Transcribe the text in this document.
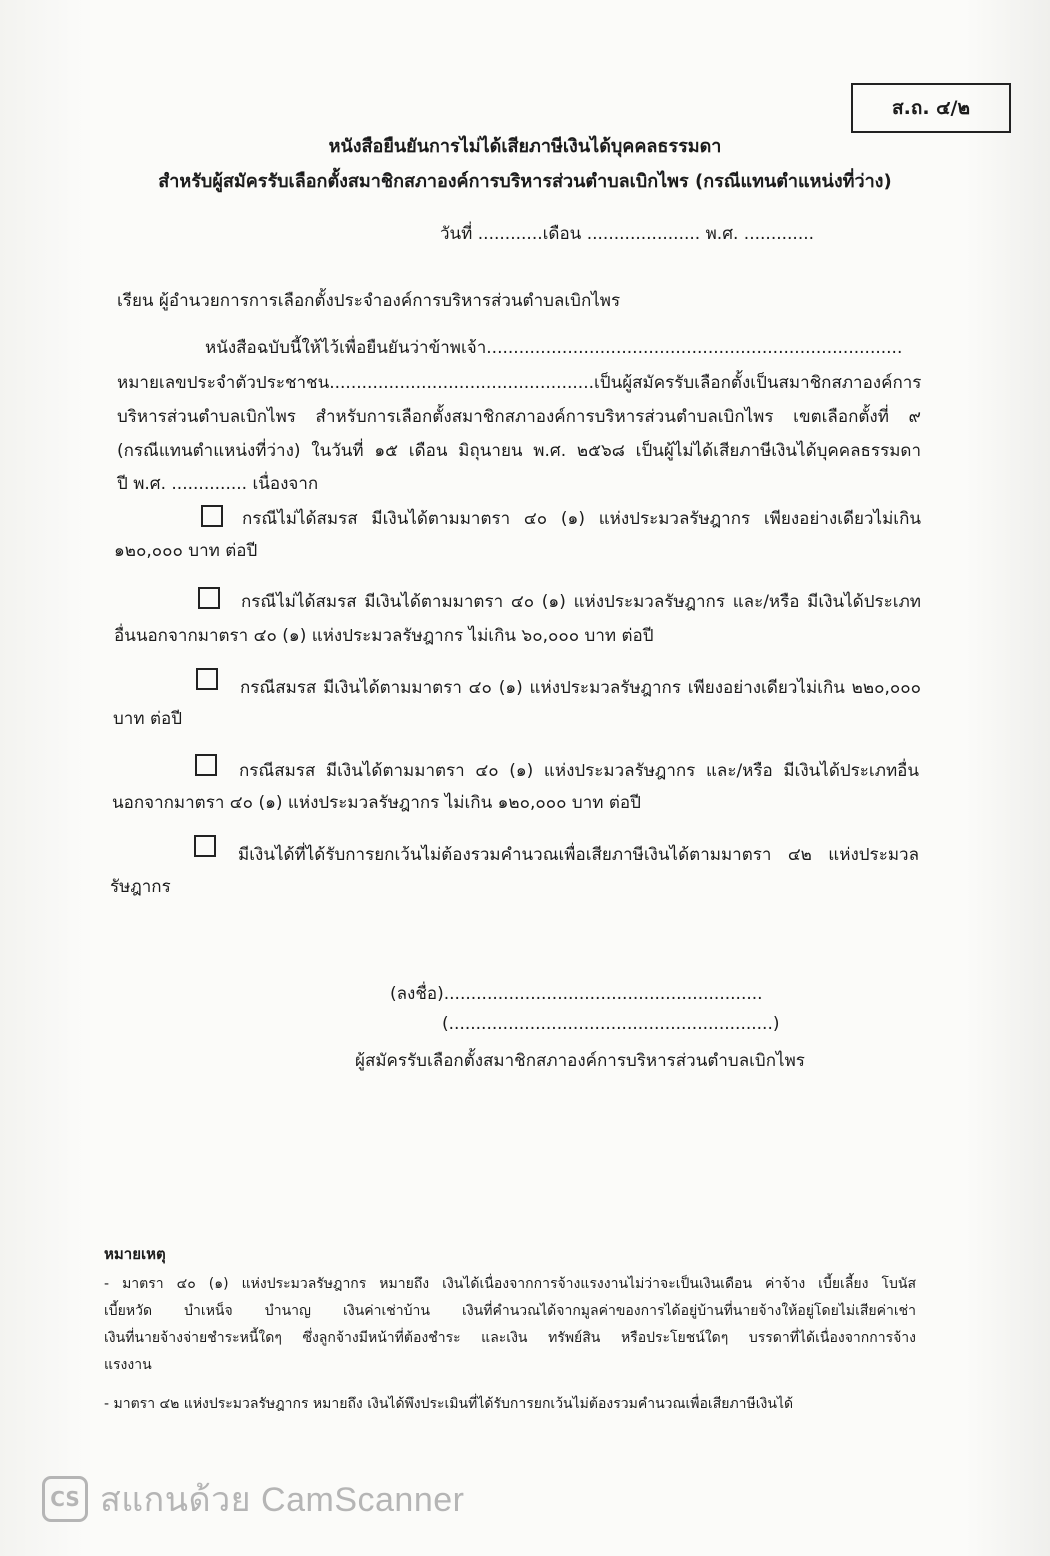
ส.ถ. ๔/๒
หนังสือยืนยันการไม่ได้เสียภาษีเงินได้บุคคลธรรมดา
สำหรับผู้สมัครรับเลือกตั้งสมาชิกสภาองค์การบริหารส่วนตำบลเบิกไพร (กรณีแทนตำแหน่งที่ว่าง)
วันที่ ............เดือน ..................... พ.ศ. .............
เรียน ผู้อำนวยการการเลือกตั้งประจำองค์การบริหารส่วนตำบลเบิกไพร
หนังสือฉบับนี้ให้ไว้เพื่อยืนยันว่าข้าพเจ้า.............................................................................
หมายเลขประจำตัวประชาชน.................................................เป็นผู้สมัครรับเลือกตั้งเป็นสมาชิกสภาองค์การ
บริหารส่วนตำบลเบิกไพร สำหรับการเลือกตั้งสมาชิกสภาองค์การบริหารส่วนตำบลเบิกไพร เขตเลือกตั้งที่ ๙
(กรณีแทนตำแหน่งที่ว่าง) ในวันที่ ๑๕ เดือน มิถุนายน พ.ศ. ๒๕๖๘ เป็นผู้ไม่ได้เสียภาษีเงินได้บุคคลธรรมดา
ปี พ.ศ. .............. เนื่องจาก
กรณีไม่ได้สมรส มีเงินได้ตามมาตรา ๔๐ (๑) แห่งประมวลรัษฎากร เพียงอย่างเดียวไม่เกิน
๑๒๐,๐๐๐ บาท ต่อปี
กรณีไม่ได้สมรส มีเงินได้ตามมาตรา ๔๐ (๑) แห่งประมวลรัษฎากร และ/หรือ มีเงินได้ประเภท
อื่นนอกจากมาตรา ๔๐ (๑) แห่งประมวลรัษฎากร ไม่เกิน ๖๐,๐๐๐ บาท ต่อปี
กรณีสมรส มีเงินได้ตามมาตรา ๔๐ (๑) แห่งประมวลรัษฎากร เพียงอย่างเดียวไม่เกิน ๒๒๐,๐๐๐
บาท ต่อปี
กรณีสมรส มีเงินได้ตามมาตรา ๔๐ (๑) แห่งประมวลรัษฎากร และ/หรือ มีเงินได้ประเภทอื่น
นอกจากมาตรา ๔๐ (๑) แห่งประมวลรัษฎากร ไม่เกิน ๑๒๐,๐๐๐ บาท ต่อปี
มีเงินได้ที่ได้รับการยกเว้นไม่ต้องรวมคำนวณเพื่อเสียภาษีเงินได้ตามมาตรา ๔๒ แห่งประมวล
รัษฎากร
(ลงชื่อ)...........................................................
(............................................................)
ผู้สมัครรับเลือกตั้งสมาชิกสภาองค์การบริหารส่วนตำบลเบิกไพร
หมายเหตุ
- มาตรา ๔๐ (๑) แห่งประมวลรัษฎากร หมายถึง เงินได้เนื่องจากการจ้างแรงงานไม่ว่าจะเป็นเงินเดือน ค่าจ้าง เบี้ยเลี้ยง โบนัส
เบี้ยหวัด บำเหน็จ บำนาญ เงินค่าเช่าบ้าน เงินที่คำนวณได้จากมูลค่าของการได้อยู่บ้านที่นายจ้างให้อยู่โดยไม่เสียค่าเช่า
เงินที่นายจ้างจ่ายชำระหนี้ใดๆ ซึ่งลูกจ้างมีหน้าที่ต้องชำระ และเงิน ทรัพย์สิน หรือประโยชน์ใดๆ บรรดาที่ได้เนื่องจากการจ้าง
แรงงาน
- มาตรา ๔๒ แห่งประมวลรัษฎากร หมายถึง เงินได้พึงประเมินที่ได้รับการยกเว้นไม่ต้องรวมคำนวณเพื่อเสียภาษีเงินได้
CS สแกนด้วย CamScanner
